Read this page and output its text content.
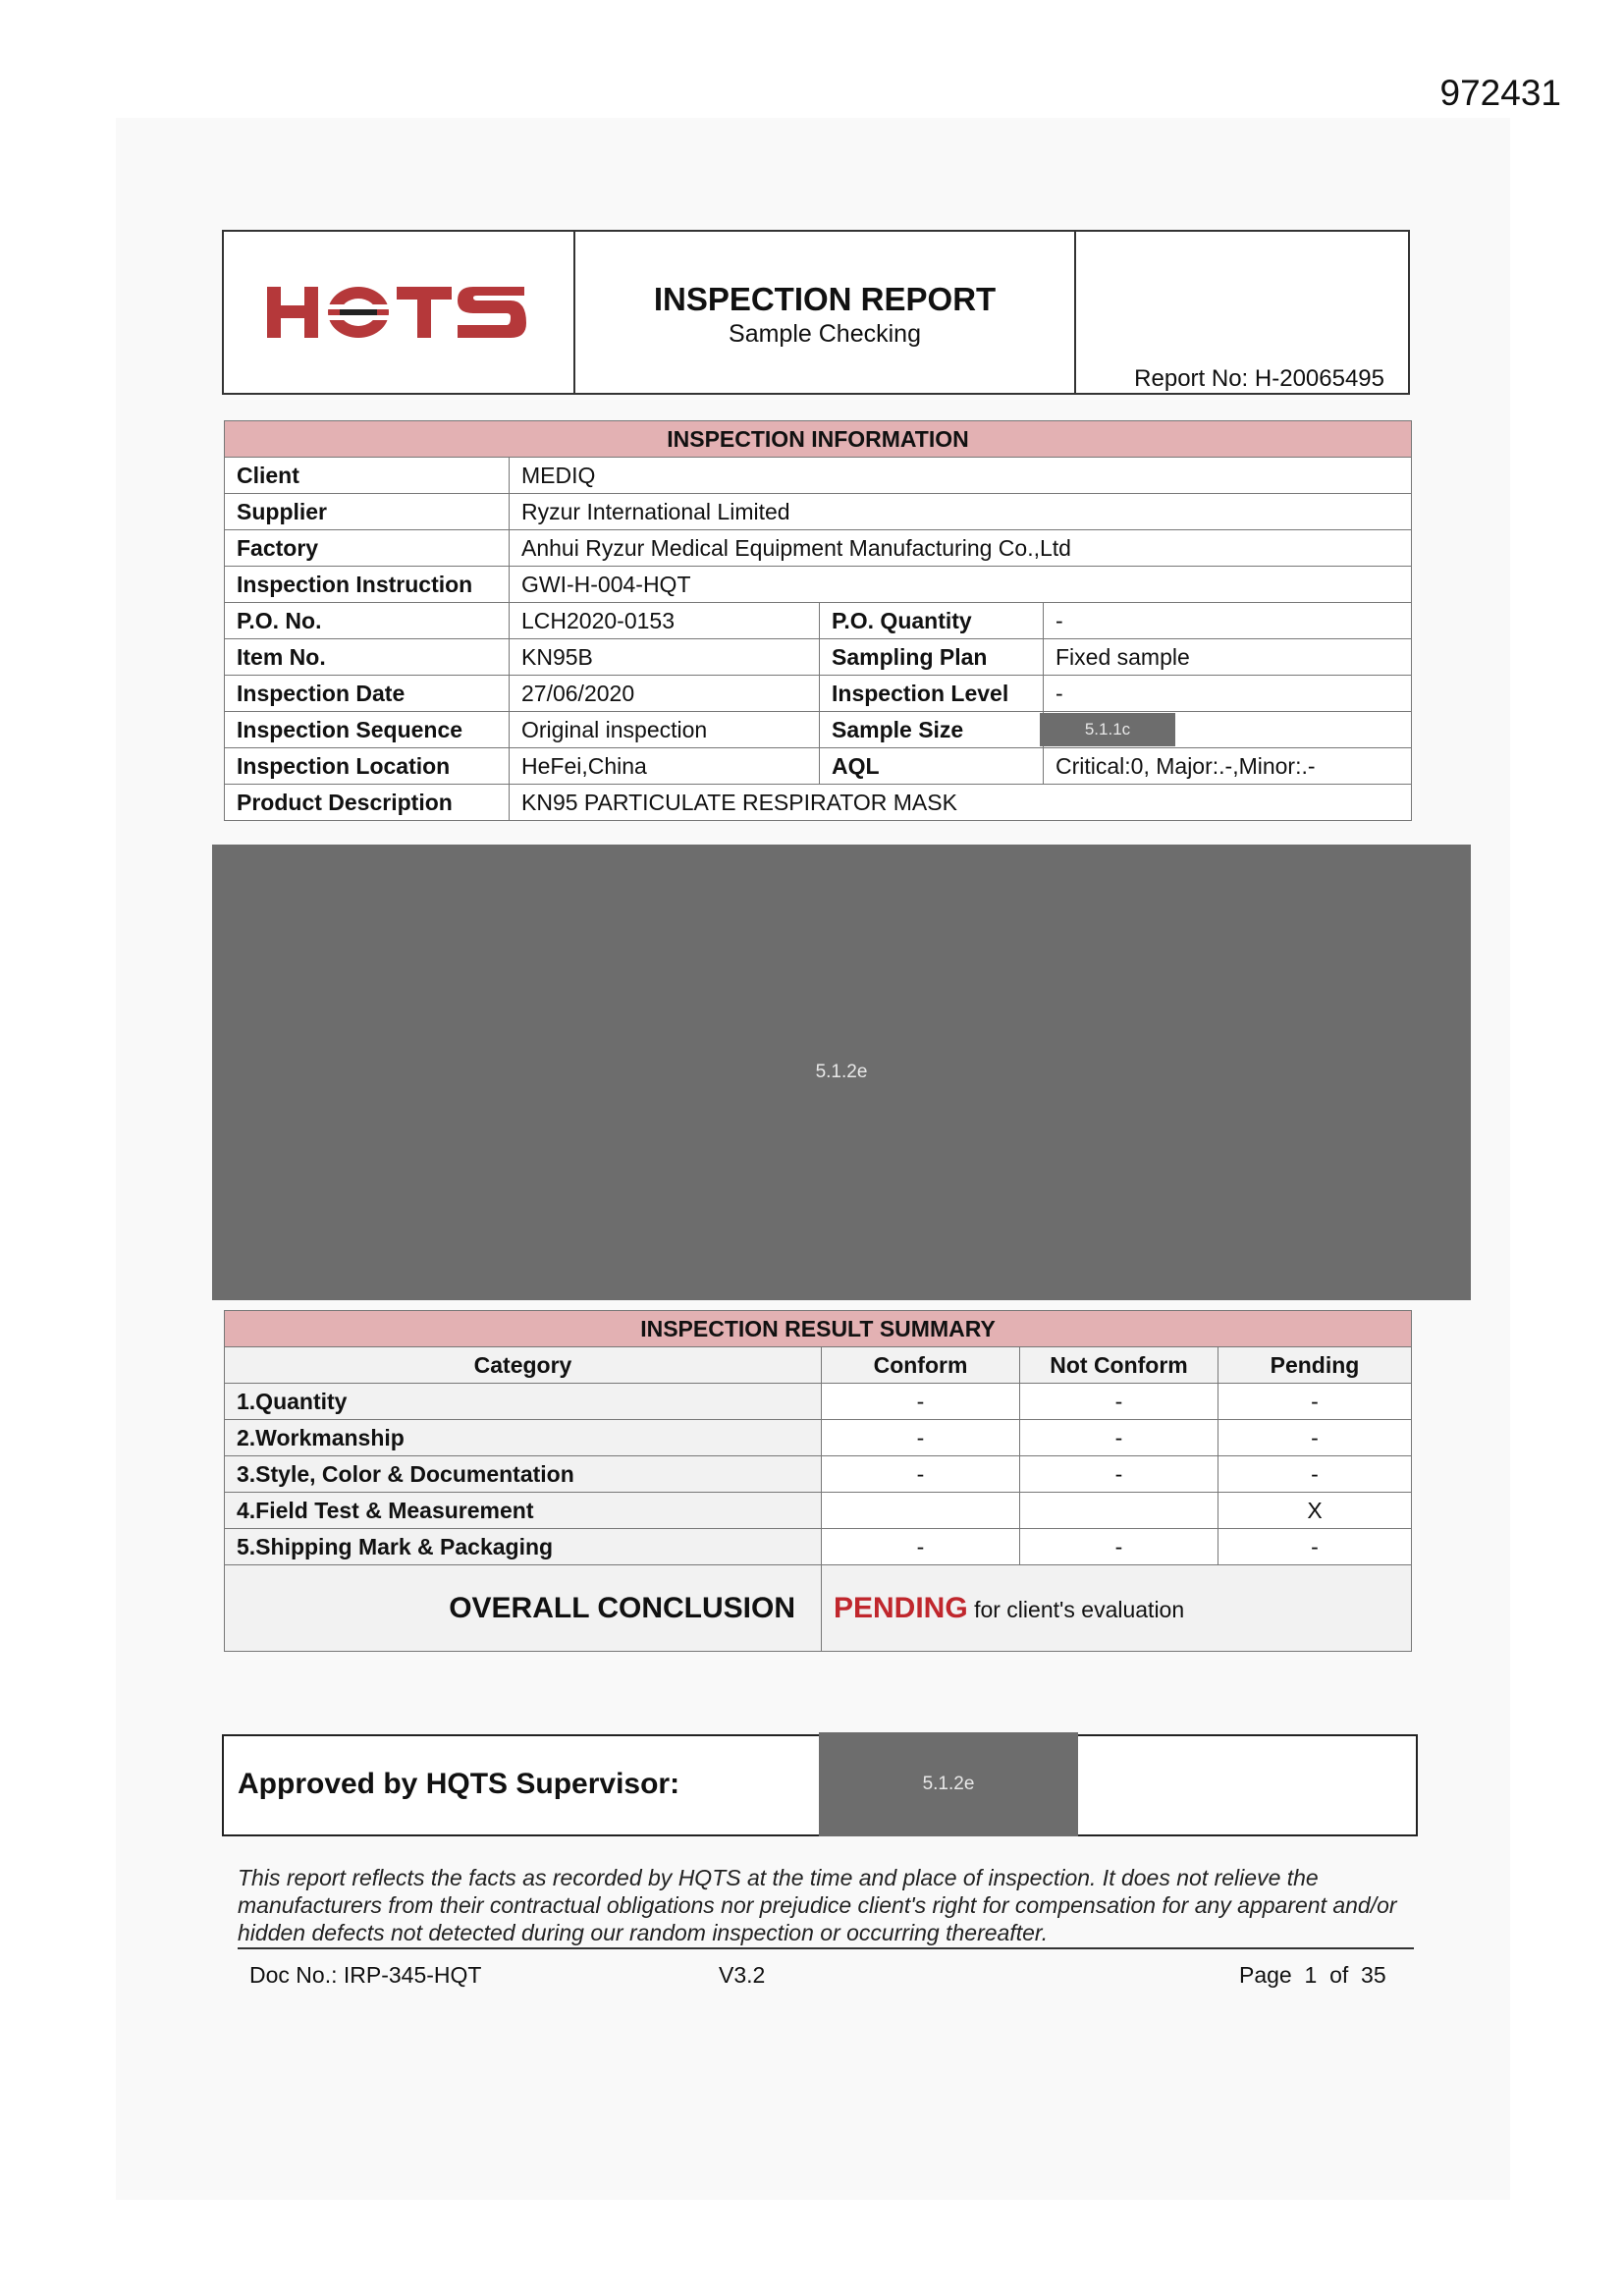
972431
INSPECTION REPORT
Sample Checking
Report No: H-20065495
INSPECTION INFORMATION			
Client	MEDIQ		
Supplier	Ryzur International Limited		
Factory	Anhui Ryzur Medical Equipment Manufacturing Co.,Ltd		
Inspection Instruction	GWI-H-004-HQT		
P.O. No.	LCH2020-0153	P.O. Quantity	-
Item No.	KN95B	Sampling Plan	Fixed sample
Inspection Date	27/06/2020	Inspection Level	-
Inspection Sequence	Original inspection	Sample Size	5.1.1c
Inspection Location	HeFei,China	AQL	Critical:0, Major:.-,Minor:.-
Product Description	KN95 PARTICULATE RESPIRATOR MASK		
5.1.2e
INSPECTION RESULT SUMMARY			
Category	Conform	Not Conform	Pending
1.Quantity	-	-	-
2.Workmanship	-	-	-
3.Style, Color & Documentation	-	-	-
4.Field Test & Measurement			X
5.Shipping Mark & Packaging	-	-	-
OVERALL CONCLUSION	PENDING for client's evaluation		
Approved by HQTS Supervisor:	5.1.2e
This report reflects the facts as recorded by HQTS at the time and place of inspection. It does not relieve the manufacturers from their contractual obligations nor prejudice client's right for compensation for any apparent and/or hidden defects not detected during our random inspection or occurring thereafter.
Doc No.: IRP-345-HQT	V3.2	Page 1 of 35
